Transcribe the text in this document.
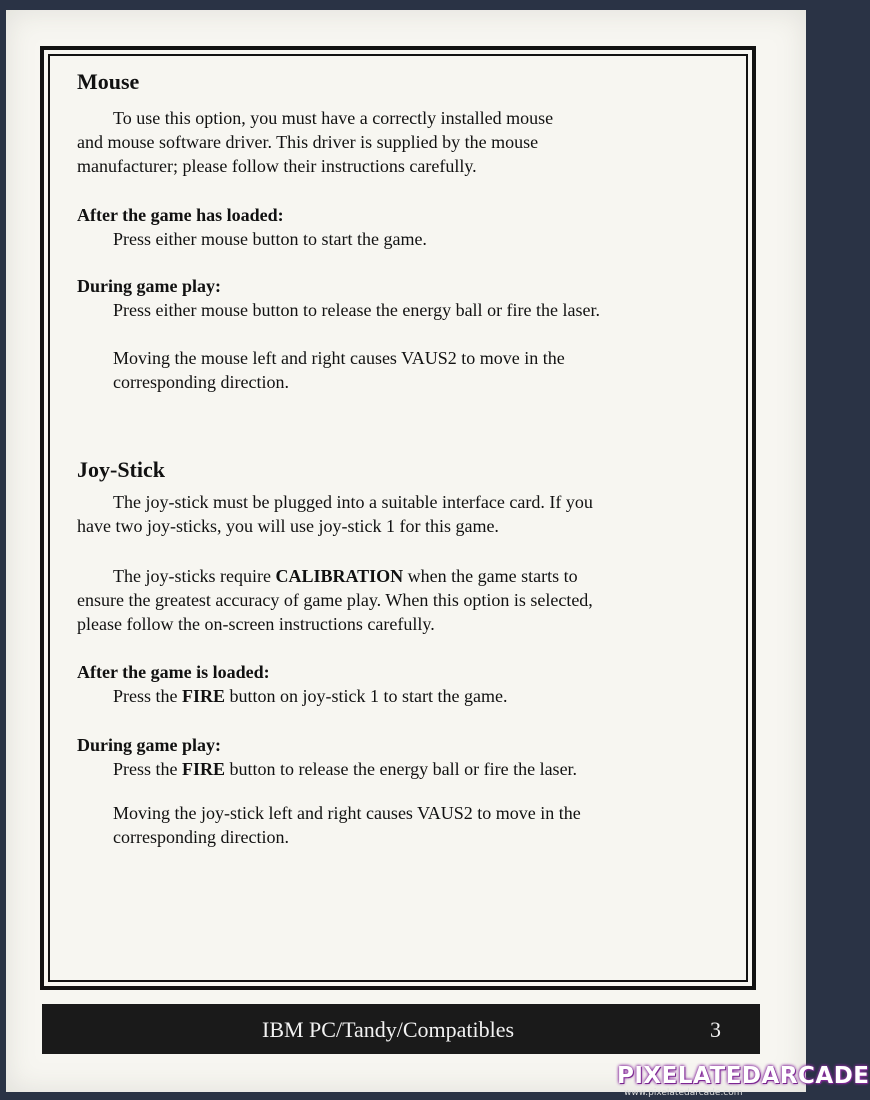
Mouse

To use this option, you must have a correctly installed mouse

and mouse software driver. This driver is supplied by the mouse

manufacturer; please follow their instructions carefully.

After the game has loaded:

Press either mouse button to start the game.

During game play:

Press either mouse button to release the energy ball or fire the laser.

Moving the mouse left and right causes VAUS2 to move in the

corresponding direction.

Joy-Stick

The joy-stick must be plugged into a suitable interface card. If you

have two joy-sticks, you will use joy-stick 1 for this game.

The joy-sticks require CALIBRATION when the game starts to

ensure the greatest accuracy of game play. When this option is selected,

please follow the on-screen instructions carefully.

After the game is loaded:

Press the FIRE button on joy-stick 1 to start the game.

During game play:

Press the FIRE button to release the energy ball or fire the laser.

Moving the joy-stick left and right causes VAUS2 to move in the

corresponding direction.

IBM PC/Tandy/Compatibles	3
PIXELATEDARCADE
www.pixelatedarcade.com
